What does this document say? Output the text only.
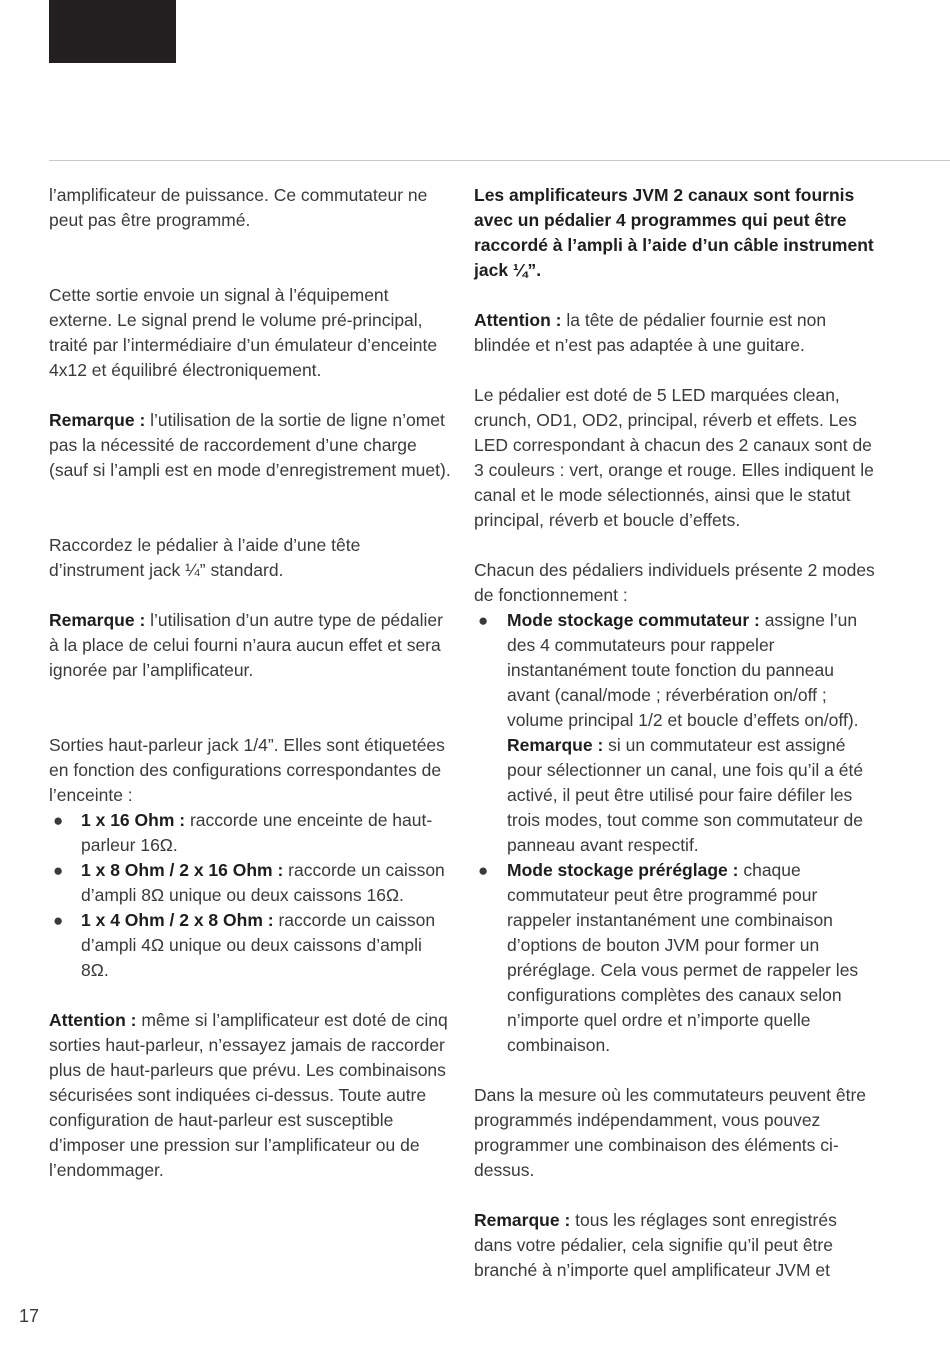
l’amplificateur de puissance. Ce commutateur ne peut pas être programmé.

Cette sortie envoie un signal à l’équipement externe. Le signal prend le volume pré-principal, traité par l’intermédiaire d’un émulateur d’enceinte 4x12 et équilibré électroniquement.

Remarque : l’utilisation de la sortie de ligne n’omet pas la nécessité de raccordement d’une charge (sauf si l’ampli est en mode d’enregistrement muet).

Raccordez le pédalier à l’aide d’une tête d’instrument jack ¼” standard.

Remarque : l’utilisation d’un autre type de pédalier à la place de celui fourni n’aura aucun effet et sera ignorée par l’amplificateur.

Sorties haut-parleur jack 1/4”. Elles sont étiquetées en fonction des configurations correspondantes de l’enceinte :

● 1 x 16 Ohm : raccorde une enceinte de haut-parleur 16Ω.
● 1 x 8 Ohm / 2 x 16 Ohm : raccorde un caisson d’ampli 8Ω unique ou deux caissons 16Ω.
● 1 x 4 Ohm / 2 x 8 Ohm : raccorde un caisson d’ampli 4Ω unique ou deux caissons d’ampli 8Ω.

Attention : même si l’amplificateur est doté de cinq sorties haut-parleur, n’essayez jamais de raccorder plus de haut-parleurs que prévu. Les combinaisons sécurisées sont indiquées ci-dessus. Toute autre configuration de haut-parleur est susceptible d’imposer une pression sur l’amplificateur ou de l’endommager.

Les amplificateurs JVM 2 canaux sont fournis avec un pédalier 4 programmes qui peut être raccordé à l’ampli à l’aide d’un câble instrument jack ¼”.

Attention : la tête de pédalier fournie est non blindée et n’est pas adaptée à une guitare.

Le pédalier est doté de 5 LED marquées clean, crunch, OD1, OD2, principal, réverb et effets. Les LED correspondant à chacun des 2 canaux sont de 3 couleurs : vert, orange et rouge. Elles indiquent le canal et le mode sélectionnés, ainsi que le statut principal, réverb et boucle d’effets.

Chacun des pédaliers individuels présente 2 modes de fonctionnement :

● Mode stockage commutateur : assigne l’un des 4 commutateurs pour rappeler instantanément toute fonction du panneau avant (canal/mode ; réverbération on/off ; volume principal 1/2 et boucle d’effets on/off).
Remarque : si un commutateur est assigné pour sélectionner un canal, une fois qu’il a été activé, il peut être utilisé pour faire défiler les trois modes, tout comme son commutateur de panneau avant respectif.
● Mode stockage préréglage : chaque commutateur peut être programmé pour rappeler instantanément une combinaison d’options de bouton JVM pour former un préréglage. Cela vous permet de rappeler les configurations complètes des canaux selon n’importe quel ordre et n’importe quelle combinaison.

Dans la mesure où les commutateurs peuvent être programmés indépendamment, vous pouvez programmer une combinaison des éléments ci-dessus.

Remarque : tous les réglages sont enregistrés dans votre pédalier, cela signifie qu’il peut être branché à n’importe quel amplificateur JVM et

17
